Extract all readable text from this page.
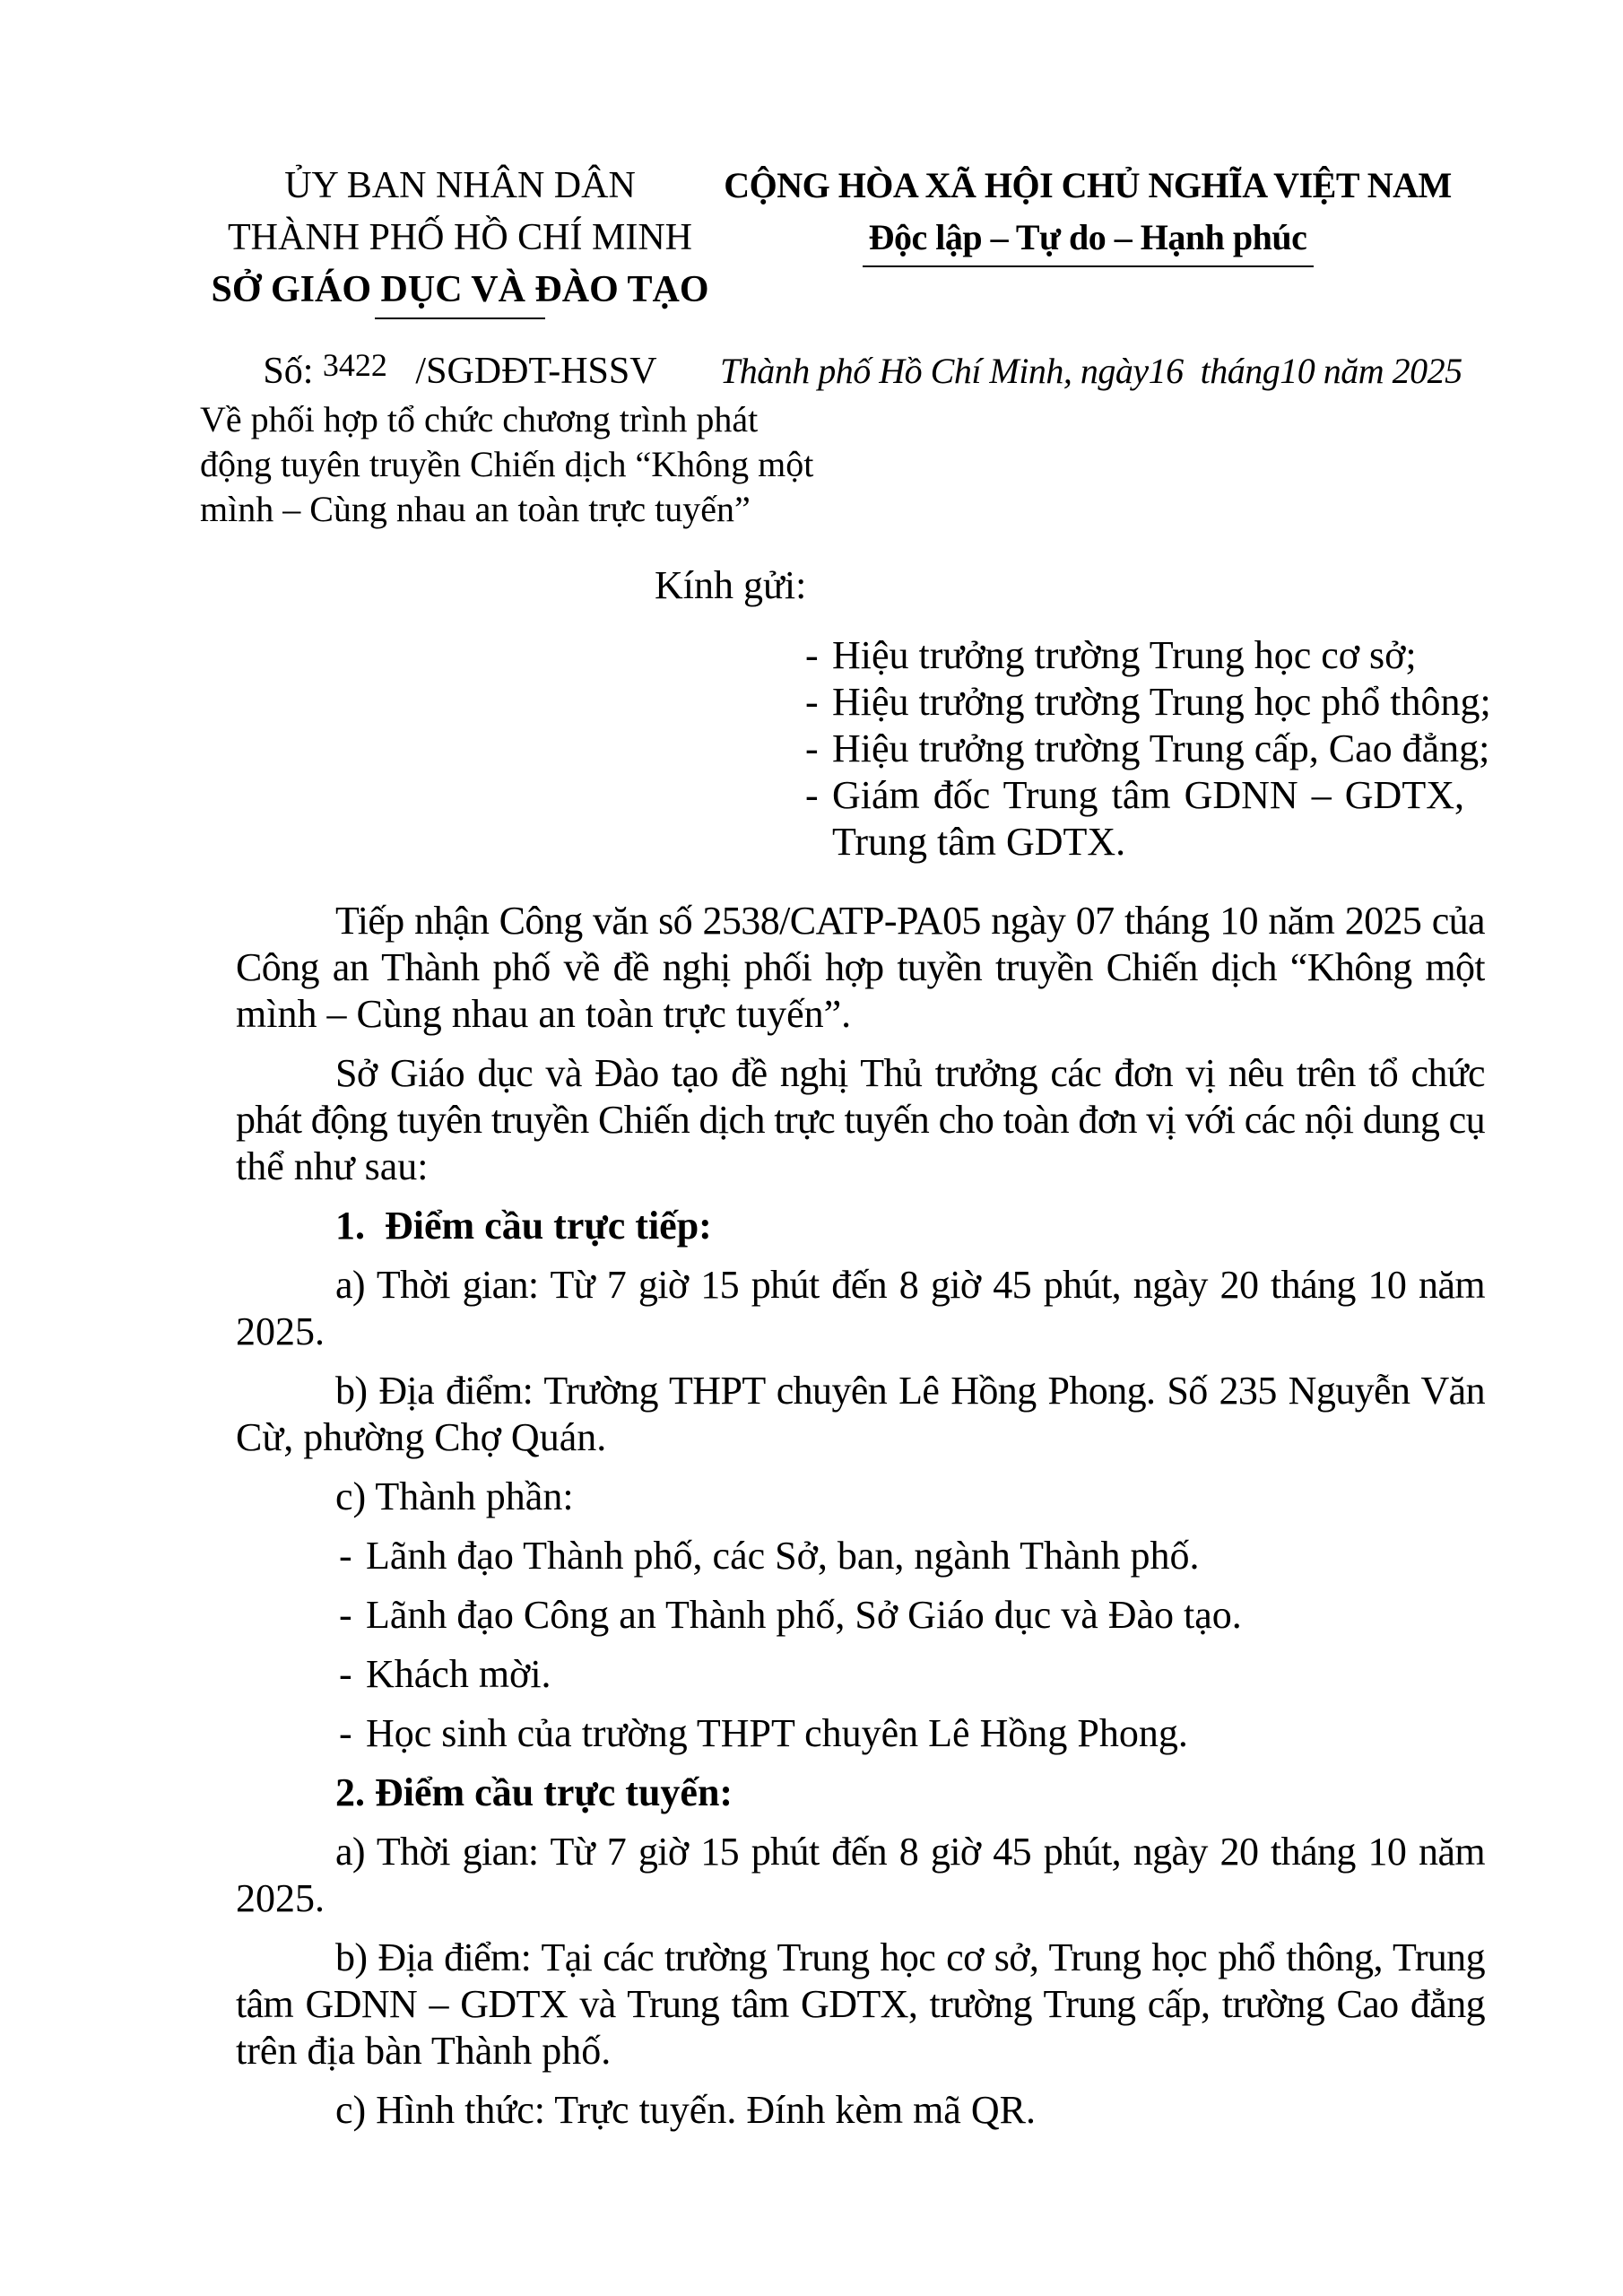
ỦY BAN NHÂN DÂN
THÀNH PHỐ HỒ CHÍ MINH
SỞ GIÁO DỤC VÀ ĐÀO TẠO
CỘNG HÒA XÃ HỘI CHỦ NGHĨA VIỆT NAM
Độc lập – Tự do – Hạnh phúc
Số: 3422 /SGDĐT-HSSV
Về phối hợp tổ chức chương trình phát
động tuyên truyền Chiến dịch “Không một
mình – Cùng nhau an toàn trực tuyến”
Thành phố Hồ Chí Minh, ngày16 tháng10 năm 2025
Kính gửi:
- Hiệu trưởng trường Trung học cơ sở;
- Hiệu trưởng trường Trung học phổ thông;
- Hiệu trưởng trường Trung cấp, Cao đẳng;
- Giám đốc Trung tâm GDNN – GDTX,
Trung tâm GDTX.
Tiếp nhận Công văn số 2538/CATP-PA05 ngày 07 tháng 10 năm 2025 của
Công an Thành phố về đề nghị phối hợp tuyền truyền Chiến dịch “Không một
mình – Cùng nhau an toàn trực tuyến”.
Sở Giáo dục và Đào tạo đề nghị Thủ trưởng các đơn vị nêu trên tổ chức
phát động tuyên truyền Chiến dịch trực tuyến cho toàn đơn vị với các nội dung cụ
thể như sau:
1.  Điểm cầu trực tiếp:
a) Thời gian: Từ 7 giờ 15 phút đến 8 giờ 45 phút, ngày 20 tháng 10 năm
2025.
b) Địa điểm: Trường THPT chuyên Lê Hồng Phong. Số 235 Nguyễn Văn
Cừ, phường Chợ Quán.
c) Thành phần:
- Lãnh đạo Thành phố, các Sở, ban, ngành Thành phố.
- Lãnh đạo Công an Thành phố, Sở Giáo dục và Đào tạo.
- Khách mời.
- Học sinh của trường THPT chuyên Lê Hồng Phong.
2. Điểm cầu trực tuyến:
a) Thời gian: Từ 7 giờ 15 phút đến 8 giờ 45 phút, ngày 20 tháng 10 năm
2025.
b) Địa điểm: Tại các trường Trung học cơ sở, Trung học phổ thông, Trung
tâm GDNN – GDTX và Trung tâm GDTX, trường Trung cấp, trường Cao đẳng
trên địa bàn Thành phố.
c) Hình thức: Trực tuyến. Đính kèm mã QR.
